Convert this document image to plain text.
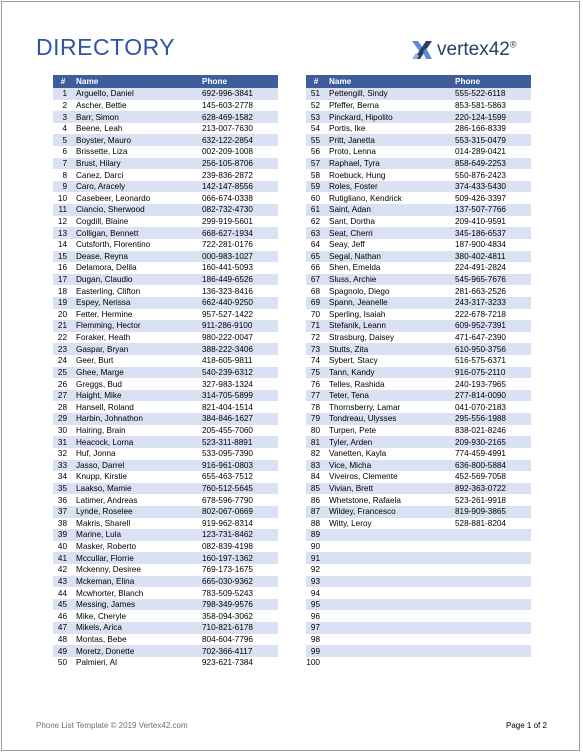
DIRECTORY	vertex42®
#	Name	Phone
1	Arguello, Daniel	692-996-3841
2	Ascher, Bettie	145-603-2778
3	Barr, Simon	628-469-1582
4	Beene, Leah	213-007-7630
5	Boyster, Mauro	632-122-2854
6	Brissette, Liza	002-209-1008
7	Brust, Hilary	256-105-8706
8	Canez, Darci	239-836-2872
9	Caro, Aracely	142-147-8556
10	Casebeer, Leonardo	066-674-0338
11	Ciancio, Sherwood	082-732-4730
12	Cogdill, Blaine	299-919-5601
13	Colligan, Bennett	668-627-1934
14	Cutsforth, Florentino	722-281-0176
15	Dease, Reyna	000-983-1027
16	Delamora, Delila	160-441-5093
17	Dugan, Claudio	186-449-6526
18	Easterling, Clifton	136-323-8416
19	Espey, Nerissa	662-440-9250
20	Fetter, Hermine	957-527-1422
21	Flemming, Hector	911-286-9100
22	Foraker, Heath	980-222-0047
23	Gaspar, Bryan	388-222-3406
24	Geer, Burt	418-605-9811
25	Ghee, Marge	540-239-6312
26	Greggs, Bud	327-983-1324
27	Haight, Mike	314-705-5899
28	Hansell, Roland	821-404-1514
29	Harbin, Johnathon	384-846-1627
30	Hairing, Brain	205-455-7060
31	Heacock, Lorna	523-311-8891
32	Huf, Jonna	533-095-7390
33	Jasso, Darrel	916-961-0803
34	Knupp, Kirstie	655-463-7512
35	Laakso, Mamie	760-512-5645
36	Latimer, Andreas	678-596-7790
37	Lynde, Roselee	802-067-0669
38	Makris, Sharell	919-962-8314
39	Marine, Lula	123-731-8462
40	Masker, Roberto	082-839-4198
41	Mccullar, Florrie	160-197-1362
42	Mckenny, Desiree	769-173-1675
43	Mckeman, Elina	665-030-9362
44	Mcwhorter, Blanch	783-509-5243
45	Messing, James	798-349-9576
46	Mike, Cheryle	358-094-3062
47	Mikels, Arica	710-821-6178
48	Montas, Bebe	804-604-7796
49	Moretz, Donette	702-366-4117
50	Palmieri, Al	923-621-7384
#	Name	Phone
51	Pettengill, Sindy	555-522-6118
52	Pfeffer, Berna	853-581-5863
53	Pinckard, Hipolito	220-124-1599
54	Portis, Ike	286-166-8339
55	Pritt, Janetta	553-315-0479
56	Proto, Lenna	014-289-0421
57	Raphael, Tyra	858-649-2253
58	Roebuck, Hung	550-876-2423
59	Roles, Foster	374-433-5430
60	Rutigliano, Kendrick	509-426-3397
61	Saint, Adan	137-507-7766
62	Sant, Dortha	209-410-9591
63	Seat, Cherri	345-186-6537
64	Seay, Jeff	187-900-4834
65	Segal, Nathan	380-402-4811
66	Shen, Emelda	224-491-2824
67	Sluss, Archie	545-965-7676
68	Spagnolo, Diego	281-663-2526
69	Spann, Jeanelle	243-317-3233
70	Sperling, Isaiah	222-678-7218
71	Stefanik, Leann	609-952-7391
72	Strasburg, Daisey	471-647-2390
73	Stutts, Zita	610-950-3756
74	Sybert, Stacy	516-575-6371
75	Tann, Kandy	916-075-2110
76	Telles, Rashida	240-193-7965
77	Teter, Tena	277-814-0090
78	Thornsberry, Lamar	041-070-2183
79	Tondreau, Ulysses	295-556-1988
80	Turpen, Pete	838-021-8246
81	Tyler, Arden	209-930-2165
82	Vanetten, Kayla	774-459-4991
83	Vice, Micha	636-800-5884
84	Viveiros, Clemente	452-569-7058
85	Vivian, Brett	892-363-0722
86	Whetstone, Rafaela	523-261-9918
87	Wildey, Francesco	819-909-3865
88	Witty, Leroy	528-881-8204
89		
90		
91		
92		
93		
94		
95		
96		
97		
98		
99		
100		
Phone List Template © 2019 Vertex42.com	Page 1 of 2
